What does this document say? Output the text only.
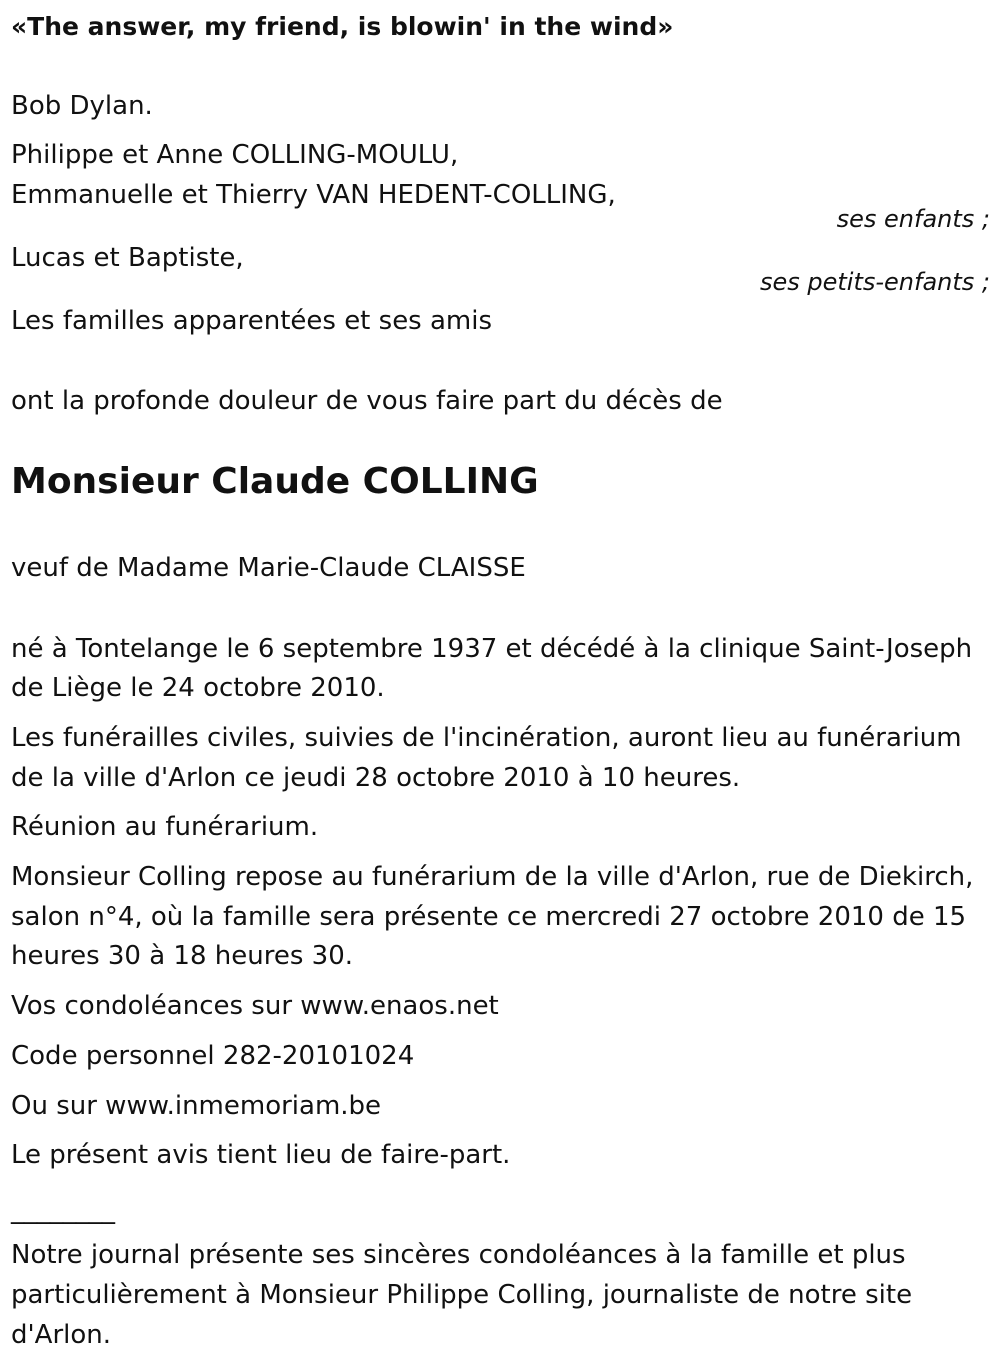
«The answer, my friend, is blowin' in the wind»
Bob Dylan.
Philippe et Anne COLLING-MOULU,
Emmanuelle et Thierry VAN HEDENT-COLLING,
ses enfants ;
Lucas et Baptiste,
ses petits-enfants ;
Les familles apparentées et ses amis
ont la profonde douleur de vous faire part du décès de
Monsieur Claude COLLING
veuf de Madame Marie-Claude CLAISSE
né à Tontelange le 6 septembre 1937 et décédé à la clinique Saint-Joseph
de Liège le 24 octobre 2010.
Les funérailles civiles, suivies de l'incinération, auront lieu au funérarium
de la ville d'Arlon ce jeudi 28 octobre 2010 à 10 heures.
Réunion au funérarium.
Monsieur Colling repose au funérarium de la ville d'Arlon, rue de Diekirch,
salon n°4, où la famille sera présente ce mercredi 27 octobre 2010 de 15
heures 30 à 18 heures 30.
Vos condoléances sur www.enaos.net
Code personnel 282-20101024
Ou sur www.inmemoriam.be
Le présent avis tient lieu de faire-part.
________
Notre journal présente ses sincères condoléances à la famille et plus
particulièrement à Monsieur Philippe Colling, journaliste de notre site
d'Arlon.
